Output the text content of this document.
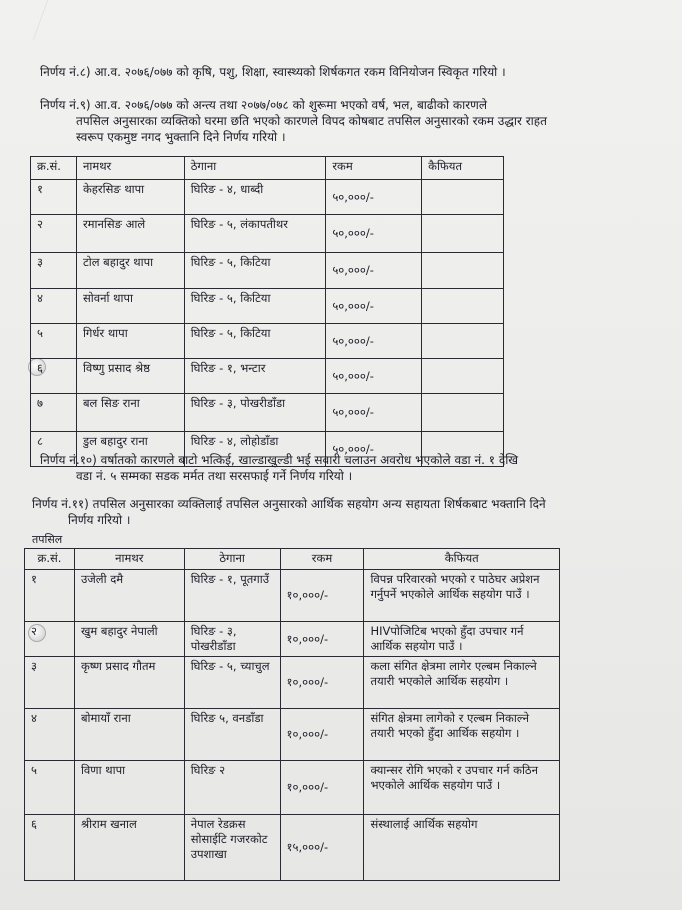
निर्णय नं.८) आ.व. २०७६/०७७ को कृषि, पशु, शिक्षा, स्वास्थ्यको शिर्षकगत रकम विनियोजन स्विकृत गरियो ।

निर्णय नं.९) आ.व. २०७६/०७७ को अन्त्य तथा २०७७/०७८ को शुरूमा भएको वर्ष, भल, बाढीको कारणले
तपसिल अनुसारका व्यक्तिको घरमा छति भएको कारणले विपद कोषबाट तपसिल अनुसारको रकम उद्धार राहत
स्वरूप एकमुष्ट नगद भुक्तानि दिने निर्णय गरियो ।
क्र.सं.	नामथर	ठेगाना	रकम	कैफियत
१	केहरसिङ थापा	घिरिङ - ४, धाब्दी	५०,०००/-	
२	रमानसिङ आले	घिरिङ - ५, लंकापतीथर	५०,०००/-	
३	टोल बहादुर थापा	घिरिङ - ५, किटिया	५०,०००/-	
४	सोवर्ना थापा	घिरिङ - ५, किटिया	५०,०००/-	
५	गिर्धर थापा	घिरिङ - ५, किटिया	५०,०००/-	
६	विष्णु प्रसाद श्रेष्ठ	घिरिङ - १, भन्टार	५०,०००/-	
७	बल सिङ राना	घिरिङ - ३, पोखरीडाँडा	५०,०००/-	
८	डुल बहादुर राना	घिरिङ - ४, लोहोडाँडा	५०,०००/-	
निर्णय नं.१०) वर्षातको कारणले बाटो भत्किई, खाल्डाखुल्डी भई सवारी चलाउन अवरोध भएकोले वडा नं. १ देखि
वडा नं. ५ सम्मका सडक मर्मत तथा सरसफाई गर्ने निर्णय गरियो ।
निर्णय नं.११) तपसिल अनुसारका व्यक्तिलाई तपसिल अनुसारको आर्थिक सहयोग अन्य सहायता शिर्षकबाट भक्तानि दिने
निर्णय गरियो ।
तपसिल
क्र.सं.	नामथर	ठेगाना	रकम	कैफियत
१	उजेली दमै	घिरिङ - १, पूतगाउँ	१०,०००/-	विपन्न परिवारको भएको र पाठेघर अप्रेशन गर्नुपर्ने भएकोले आर्थिक सहयोग पाउँ ।
२	खुम बहादुर नेपाली	घिरिङ - ३, पोखरीडाँडा	१०,०००/-	HIVपोजिटिब भएको हुँदा उपचार गर्न आर्थिक सहयोग पाउँ ।
३	कृष्ण प्रसाद गौतम	घिरिङ - ५, च्याचुल	१०,०००/-	कला संगित क्षेत्रमा लागेर एल्बम निकाल्ने तयारी भएकोले आर्थिक सहयोग ।
४	बोमायाँ राना	घिरिङ ५, वनडाँडा	१०,०००/-	संगित क्षेत्रमा लागेको र एल्बम निकाल्ने तयारी भएको हुँदा आर्थिक सहयोग ।
५	विणा थापा	घिरिङ २	१०,०००/-	क्यान्सर रोगि भएको र उपचार गर्न कठिन भएकोले आर्थिक सहयोग पाउँ ।
६	श्रीराम खनाल	नेपाल रेडक्रस सोसाईटि गजरकोट उपशाखा	१५,०००/-	संस्थालाई आर्थिक सहयोग
